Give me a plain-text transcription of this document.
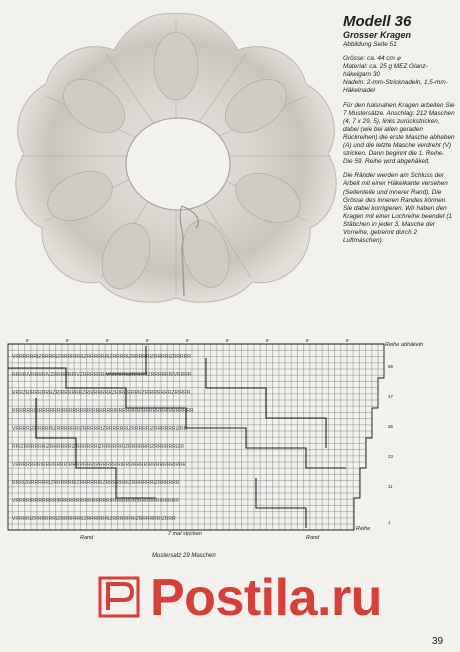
Modell 36

Grosser Kragen

Abbildung Seite 51

Grösse: ca. 44 cm ⌀

Material: ca. 25 g MEZ Glanz-häkelgarn 30

Nadeln: 2-mm-Stricknadeln, 1,5-mm-Häkelnadel

Für den halsnahen Kragen arbeiten Sie 7 Mustersätze. Anschlag: 212 Maschen (4, 7 x 29, 5), links zurückstricken, dabei (wie bei allen geraden Rückreihen) die erste Masche abheben (A) und die letzte Masche verdreht (V) stricken. Dann beginnt die 1. Reihe. Die 59. Reihe wird abgehäkelt.

Die Ränder werden am Schluss der Arbeit mit einer Häkelkante versehen (Seitenteile und innerer Rand). Die Grösse des inneren Randes können Sie dabei korrigieren. Wir haben den Kragen mit einer Lochreihe beendet (1 Stäbchen in jeder 3. Masche der Vorreihe, getrennt durch 2 Luftmaschen).

9	9	9	9	9	9	9	9	9
VRRRRRRIZRRRRIZRRRRRRIZRRRRRRIZRRRRIZRRRRRIZRRRRIZRRRRR
RRRRIVRRRRIVZRRRRRRIVZRRRRRRIVRRRRRIZRRRRIZRRRRRRIVRRRR
RRRZRIRRRRRRZRIRRRRRRZRIRRRRRRZRIRRRRRRZRIRRRRRRZRIRRR
RRRRRRIRRRRRRRIRRRRRRRIRRRRRRRIRRRRRRRIRRRRRRRIRRRRRRR
VRRRRIZRRRRRIZRRRRRRIZRRRRRIZRRRRRRIZRRRRRIZRRRRRRIZRR
RRIZRRRRRRIZRRRRRRIZRRRRRRIZRRRRRRIZRRRRRRIZRRRRRRIZR
VRRRRRRRIRRRRRRRIRRRRRRRIRRRRRRRIRRRRRRRIRRRRRRRIRRR
RRRIZRRRRRRIZRRRRRRIZRRRRRRIZRRRRRRIZRRRRRRIZRRRRRR
VRRRRIRRRRRRRIRRRRRRRIRRRRRRRIRRRRRRRIRRRRRRRIRRRR
VRRRRIZRRRRRRIZRRRRRRIZRRRRRRIZRRRRRRIZRRRRRRIZRRR
59
47
35
23
11
1
Reihe abhäkeln
Reihe
Rand	Rand
7 mal stricken
Mustersatz 29 Maschen
Postila.ru
39
